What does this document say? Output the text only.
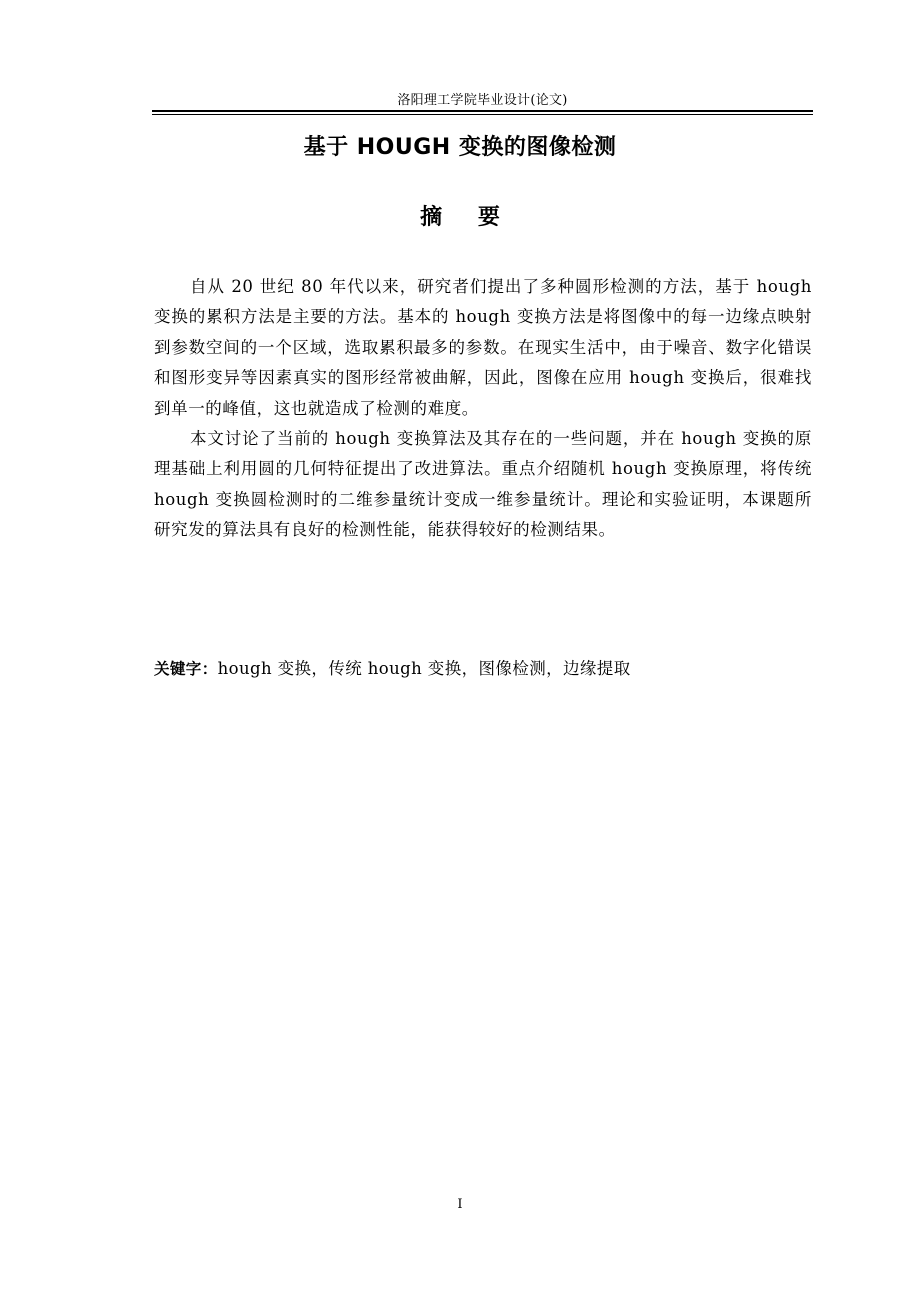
洛阳理工学院毕业设计(论文)
基于 HOUGH 变换的图像检测
摘 要

自从 20 世纪 80 年代以来，研究者们提出了多种圆形检测的方法，基于 hough 变换的累积方法是主要的方法。基本的 hough 变换方法是将图像中的每一边缘点映射到参数空间的一个区域，选取累积最多的参数。在现实生活中，由于噪音、数字化错误和图形变异等因素真实的图形经常被曲解，因此，图像在应用 hough 变换后，很难找到单一的峰值，这也就造成了检测的难度。

本文讨论了当前的 hough 变换算法及其存在的一些问题，并在 hough 变换的原理基础上利用圆的几何特征提出了改进算法。重点介绍随机 hough 变换原理，将传统 hough 变换圆检测时的二维参量统计变成一维参量统计。理论和实验证明，本课题所研究发的算法具有良好的检测性能，能获得较好的检测结果。

关键字：hough 变换，传统 hough 变换，图像检测，边缘提取

I
